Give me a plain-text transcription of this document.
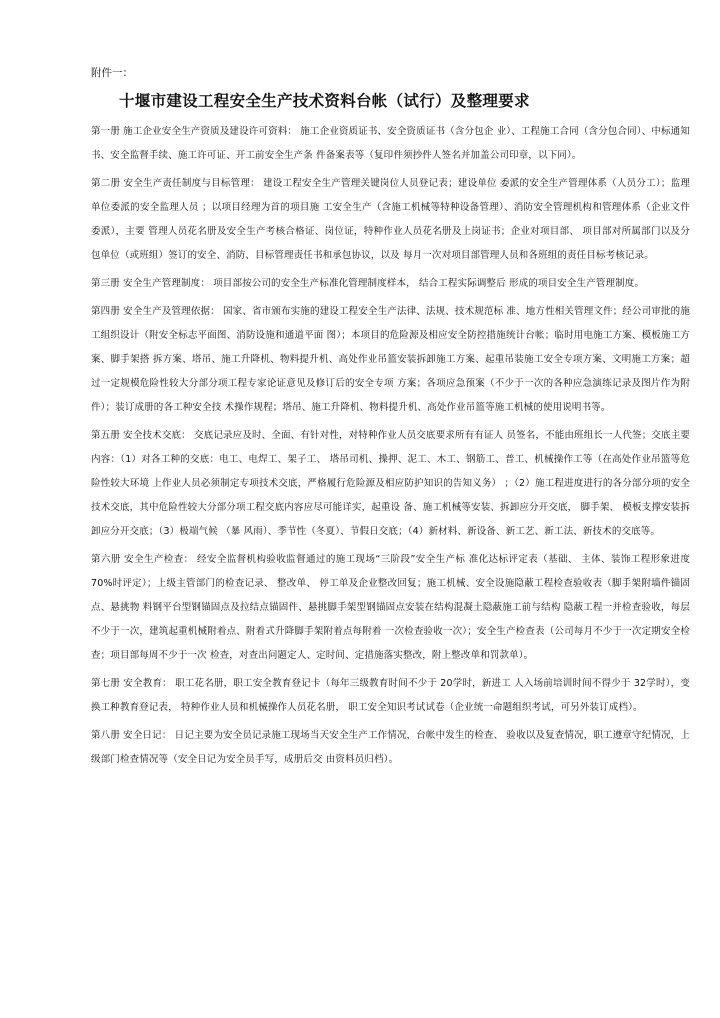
附件一：
十堰市建设工程安全生产技术资料台帐（试行）及整理要求
第一册 施工企业安全生产资质及建设许可资料： 施工企业资质证书、安全资质证书（含分包企 业）、工程施工合同（含分包合同）、中标通知书、安全监督手续、施工许可证、开工前安全生产条 件备案表等（复印件须抄件人签名并加盖公司印章，以下同）。
第二册 安全生产责任制度与目标管理： 建设工程安全生产管理关键岗位人员登记表；建设单位 委派的安全生产管理体系（人员分工）；监理单位委派的安全监理人员 ；以项目经理为首的项目施 工安全生产（含施工机械等特种设备管理）、消防安全管理机构和管理体系（企业文件委派），主要 管理人员花名册及安全生产考核合格证、岗位证，特种作业人员花名册及上岗证书；企业对项目部、 项目部对所属部门以及分包单位（或班组）签订的安全、消防、目标管理责任书和承包协议，以及 每月一次对项目部管理人员和各班组的责任目标考核记录。
第三册 安全生产管理制度： 项目部按公司的安全生产标准化管理制度样本， 结合工程实际调整后 形成的项目安全生产管理制度。
第四册 安全生产及管理依据： 国家、省市颁布实施的建设工程安全生产法律、法规、技术规范标 准、地方性相关管理文件；经公司审批的施工组织设计（附安全标志平面图、消防设施和通道平面 图）；本项目的危险源及相应安全防控措施统计台帐；临时用电施工方案、模板施工方案、脚手架搭 拆方案、塔吊、施工升降机、物料提升机、高处作业吊篮安装拆卸施工方案、起重吊装施工安全专项方案、文明施工方案；超过一定规模危险性较大分部分项工程专家论证意见及修订后的安全专项 方案；各项应急预案（不少于一次的各种应急演练记录及图片作为附件）；装订成册的各工种安全技 术操作规程；塔吊、施工升降机、物料提升机、高处作业吊篮等施工机械的使用说明书等。
第五册 安全技术交底： 交底记录应及时、全面、有针对性，对特种作业人员交底要求所有有证人 员签名，不能由班组长一人代签；交底主要内容：（1）对各工种的交底：电工、电焊工、架子工、 塔吊司机、操押、泥工、木工、钢筋工、普工、机械操作工等（在高处作业吊篮等危险性较大环境 上作业人员必须制定专项技术交底，严格履行危险源及相应防护知识的告知义务） ；（2）施工程进度进行的各分部分项的安全技术交底，其中危险性较大分部分项工程交底内容应尽可能详实，起重设 备、施工机械等安装、拆卸应分开交底， 脚手架、 模板支撑安装拆卸应分开交底；（3）极端气候 （暴 风雨）、季节性（冬夏）、节假日交底；（4）新材料、新设备、新工艺、新工法、新技术的交底等。
第六册 安全生产检查： 经安全监督机构验收监督通过的施工现场“三阶段”安全生产标 准化达标评定表（基础、 主体、装饰工程形象进度 70%时评定）；上级主管部门的检查记录、 整改单、 停工单及企业整改回复；施工机械、安全设施隐蔽工程检查验收表（脚手架附墙件锚固点、悬挑物 料钢平台型钢锚固点及拉结点锚固件、悬挑脚手架型钢锚固点安装在结构混凝土隐蔽施工前与结构 隐蔽工程一并检查验收，每层不少于一次，建筑起重机械附着点、附着式升降脚手架附着点每附着 一次检查验收一次）；安全生产检查表（公司每月不少于一次定期安全检查；项目部每周不少于一次 检查，对查出问题定人、定时间、定措施落实整改，附上整改单和罚款单）。
第七册 安全教育： 职工花名册，职工安全教育登记卡（每年三级教育时间不少于 20学时，新进工 人入场前培训时间不得少于 32学时），变换工种教育登记表， 特种作业人员和机械操作人员花名册， 职工安全知识考试试卷（企业统一命题组织考试，可另外装订成档）。
第八册 安全日记： 日记主要为安全员记录施工现场当天安全生产工作情况，台帐中发生的检查、 验收以及复查情况，职工遵章守纪情况，上级部门检查情况等（安全日记为安全员手写，成册后交 由资料员归档）。
